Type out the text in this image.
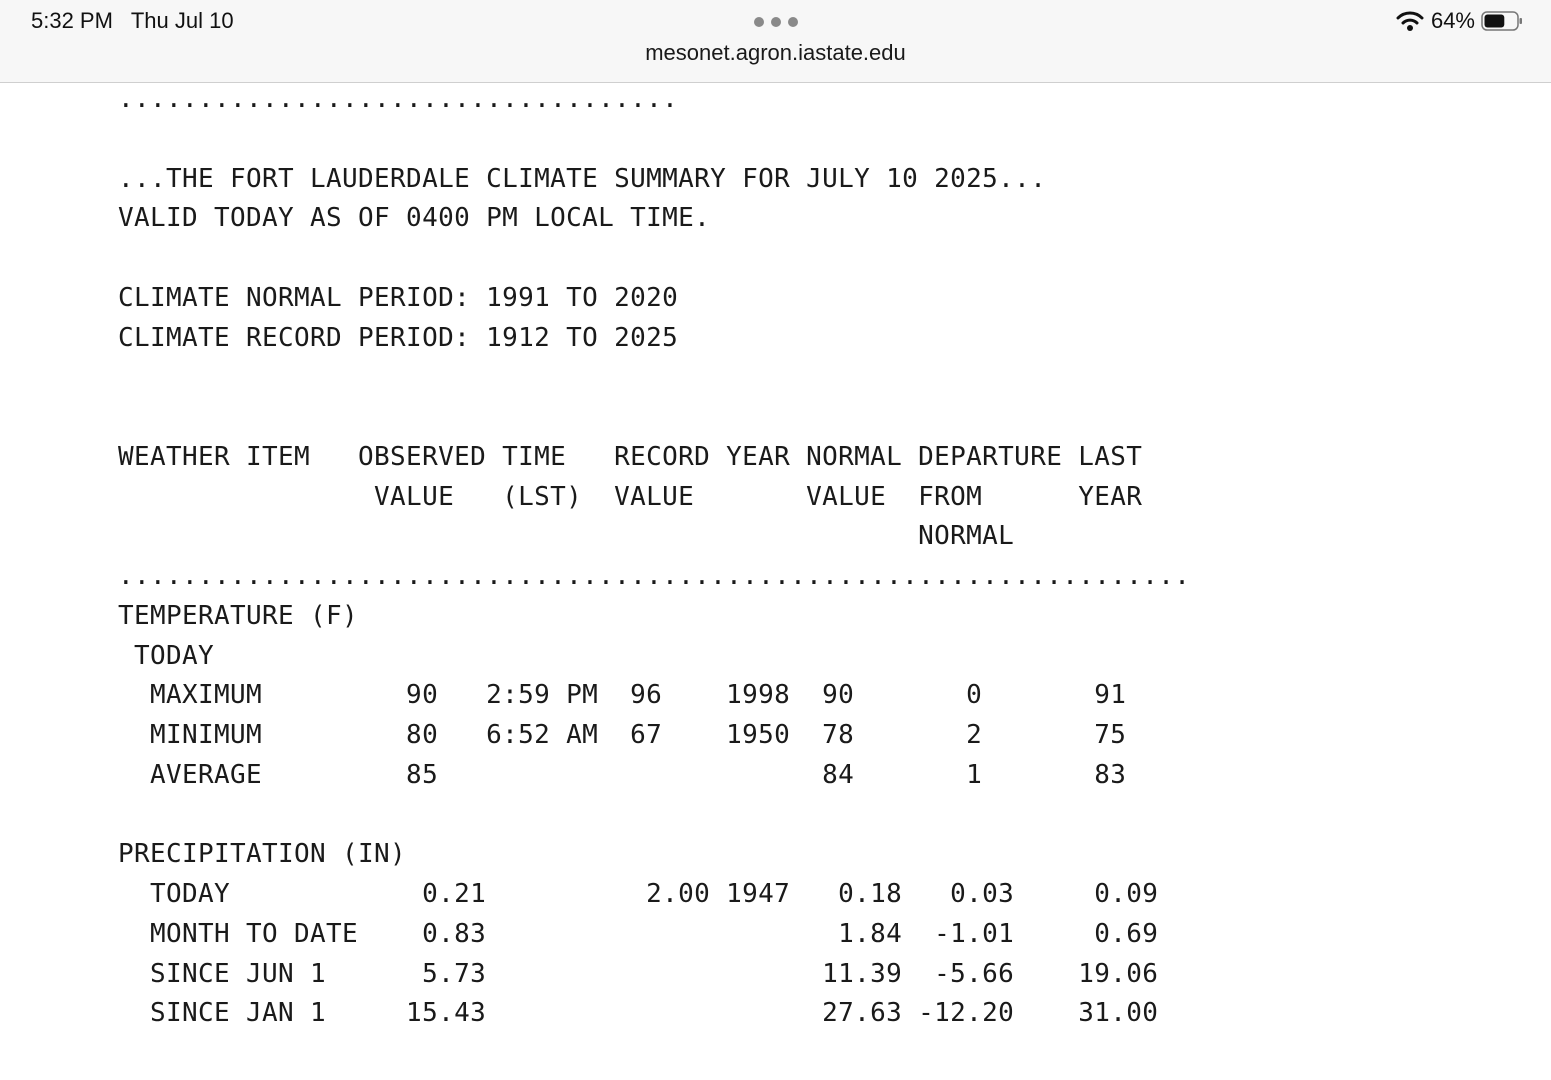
5:32 PM   Thu Jul 10
mesonet.agron.iastate.edu
64%
...................................

...THE FORT LAUDERDALE CLIMATE SUMMARY FOR JULY 10 2025...
VALID TODAY AS OF 0400 PM LOCAL TIME.

CLIMATE NORMAL PERIOD: 1991 TO 2020
CLIMATE RECORD PERIOD: 1912 TO 2025

WEATHER ITEM   OBSERVED TIME   RECORD YEAR NORMAL DEPARTURE LAST
VALUE   (LST)  VALUE       VALUE  FROM      YEAR
NORMAL
...................................................................
TEMPERATURE (F)
TODAY
MAXIMUM         90   2:59 PM  96    1998  90       0       91
MINIMUM         80   6:52 AM  67    1950  78       2       75
AVERAGE         85                        84       1       83

PRECIPITATION (IN)
TODAY            0.21          2.00 1947   0.18   0.03     0.09
MONTH TO DATE    0.83                      1.84  -1.01     0.69
SINCE JUN 1      5.73                     11.39  -5.66    19.06
SINCE JAN 1     15.43                     27.63 -12.20    31.00
